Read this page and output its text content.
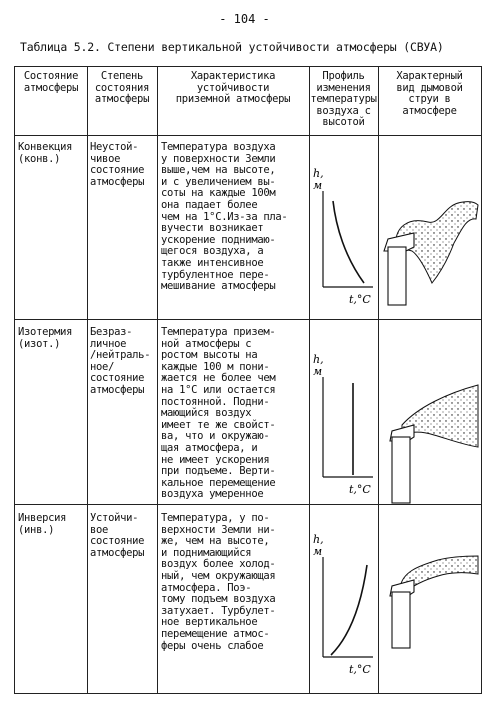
- 104 -
Таблица 5.2. Степени вертикальной устойчивости атмосферы (СВУА)
Состояние
атмосферы
Степень
состояния
атмосферы
Характеристика
устойчивости
приземной атмосферы
Профиль
изменения
температуры
воздуха с
высотой
Характерный
вид дымовой
струи в
атмосфере
Конвекция
(конв.)
Неустой-
чивое
состояние
атмосферы
Температура воздуха
у поверхности Земли
выше,чем на высоте,
и с увеличением вы-
соты на каждые 100м
она падает более
чем на 1°С.Из-за пла-
вучести возникает
ускорение поднимаю-
щегося воздуха, а
также интенсивное
турбулентное пере-
мешивание атмосферы
Изотермия
(изот.)
Безраз-
личное
/нейтраль-
ное/
состояние
атмосферы
Температура призем-
ной атмосферы с
ростом высоты на
каждые 100 м пони-
жается не более чем
на 1°С или остается
постоянной. Подни-
мающийся воздух
имеет те же свойст-
ва, что и окружаю-
щая атмосфера, и
не имеет ускорения
при подъеме. Верти-
кальное перемещение
воздуха умеренное
Инверсия
(инв.)
Устойчи-
вое
состояние
атмосферы
Температура, у по-
верхности Земли ни-
же, чем на высоте,
и поднимающийся
воздух более холод-
ный, чем окружающая
атмосфера. Поэ-
тому подъем воздуха
затухает. Турбулет-
ное вертикальное
перемещение атмос-
феры очень слабое
h,
м
t,°C
h,
м
t,°C
h,
м
t,°C
